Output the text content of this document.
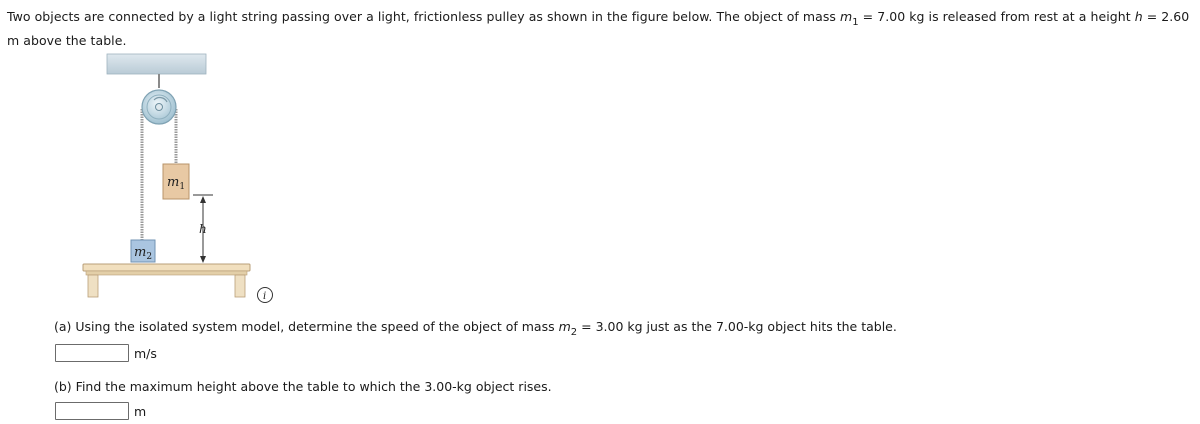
Two objects are connected by a light string passing over a light, frictionless pulley as shown in the figure below. The object of mass $m_1 = 7.00$ kg is released from rest at a height h = 2.60 m above the table.
$m_1$
$m_2$
h
i
(a) Using the isolated system model, determine the speed of the object of mass $m_2 = 3.00$ kg just as the 7.00-kg object hits the table.
m/s
(b) Find the maximum height above the table to which the 3.00-kg object rises.
m
